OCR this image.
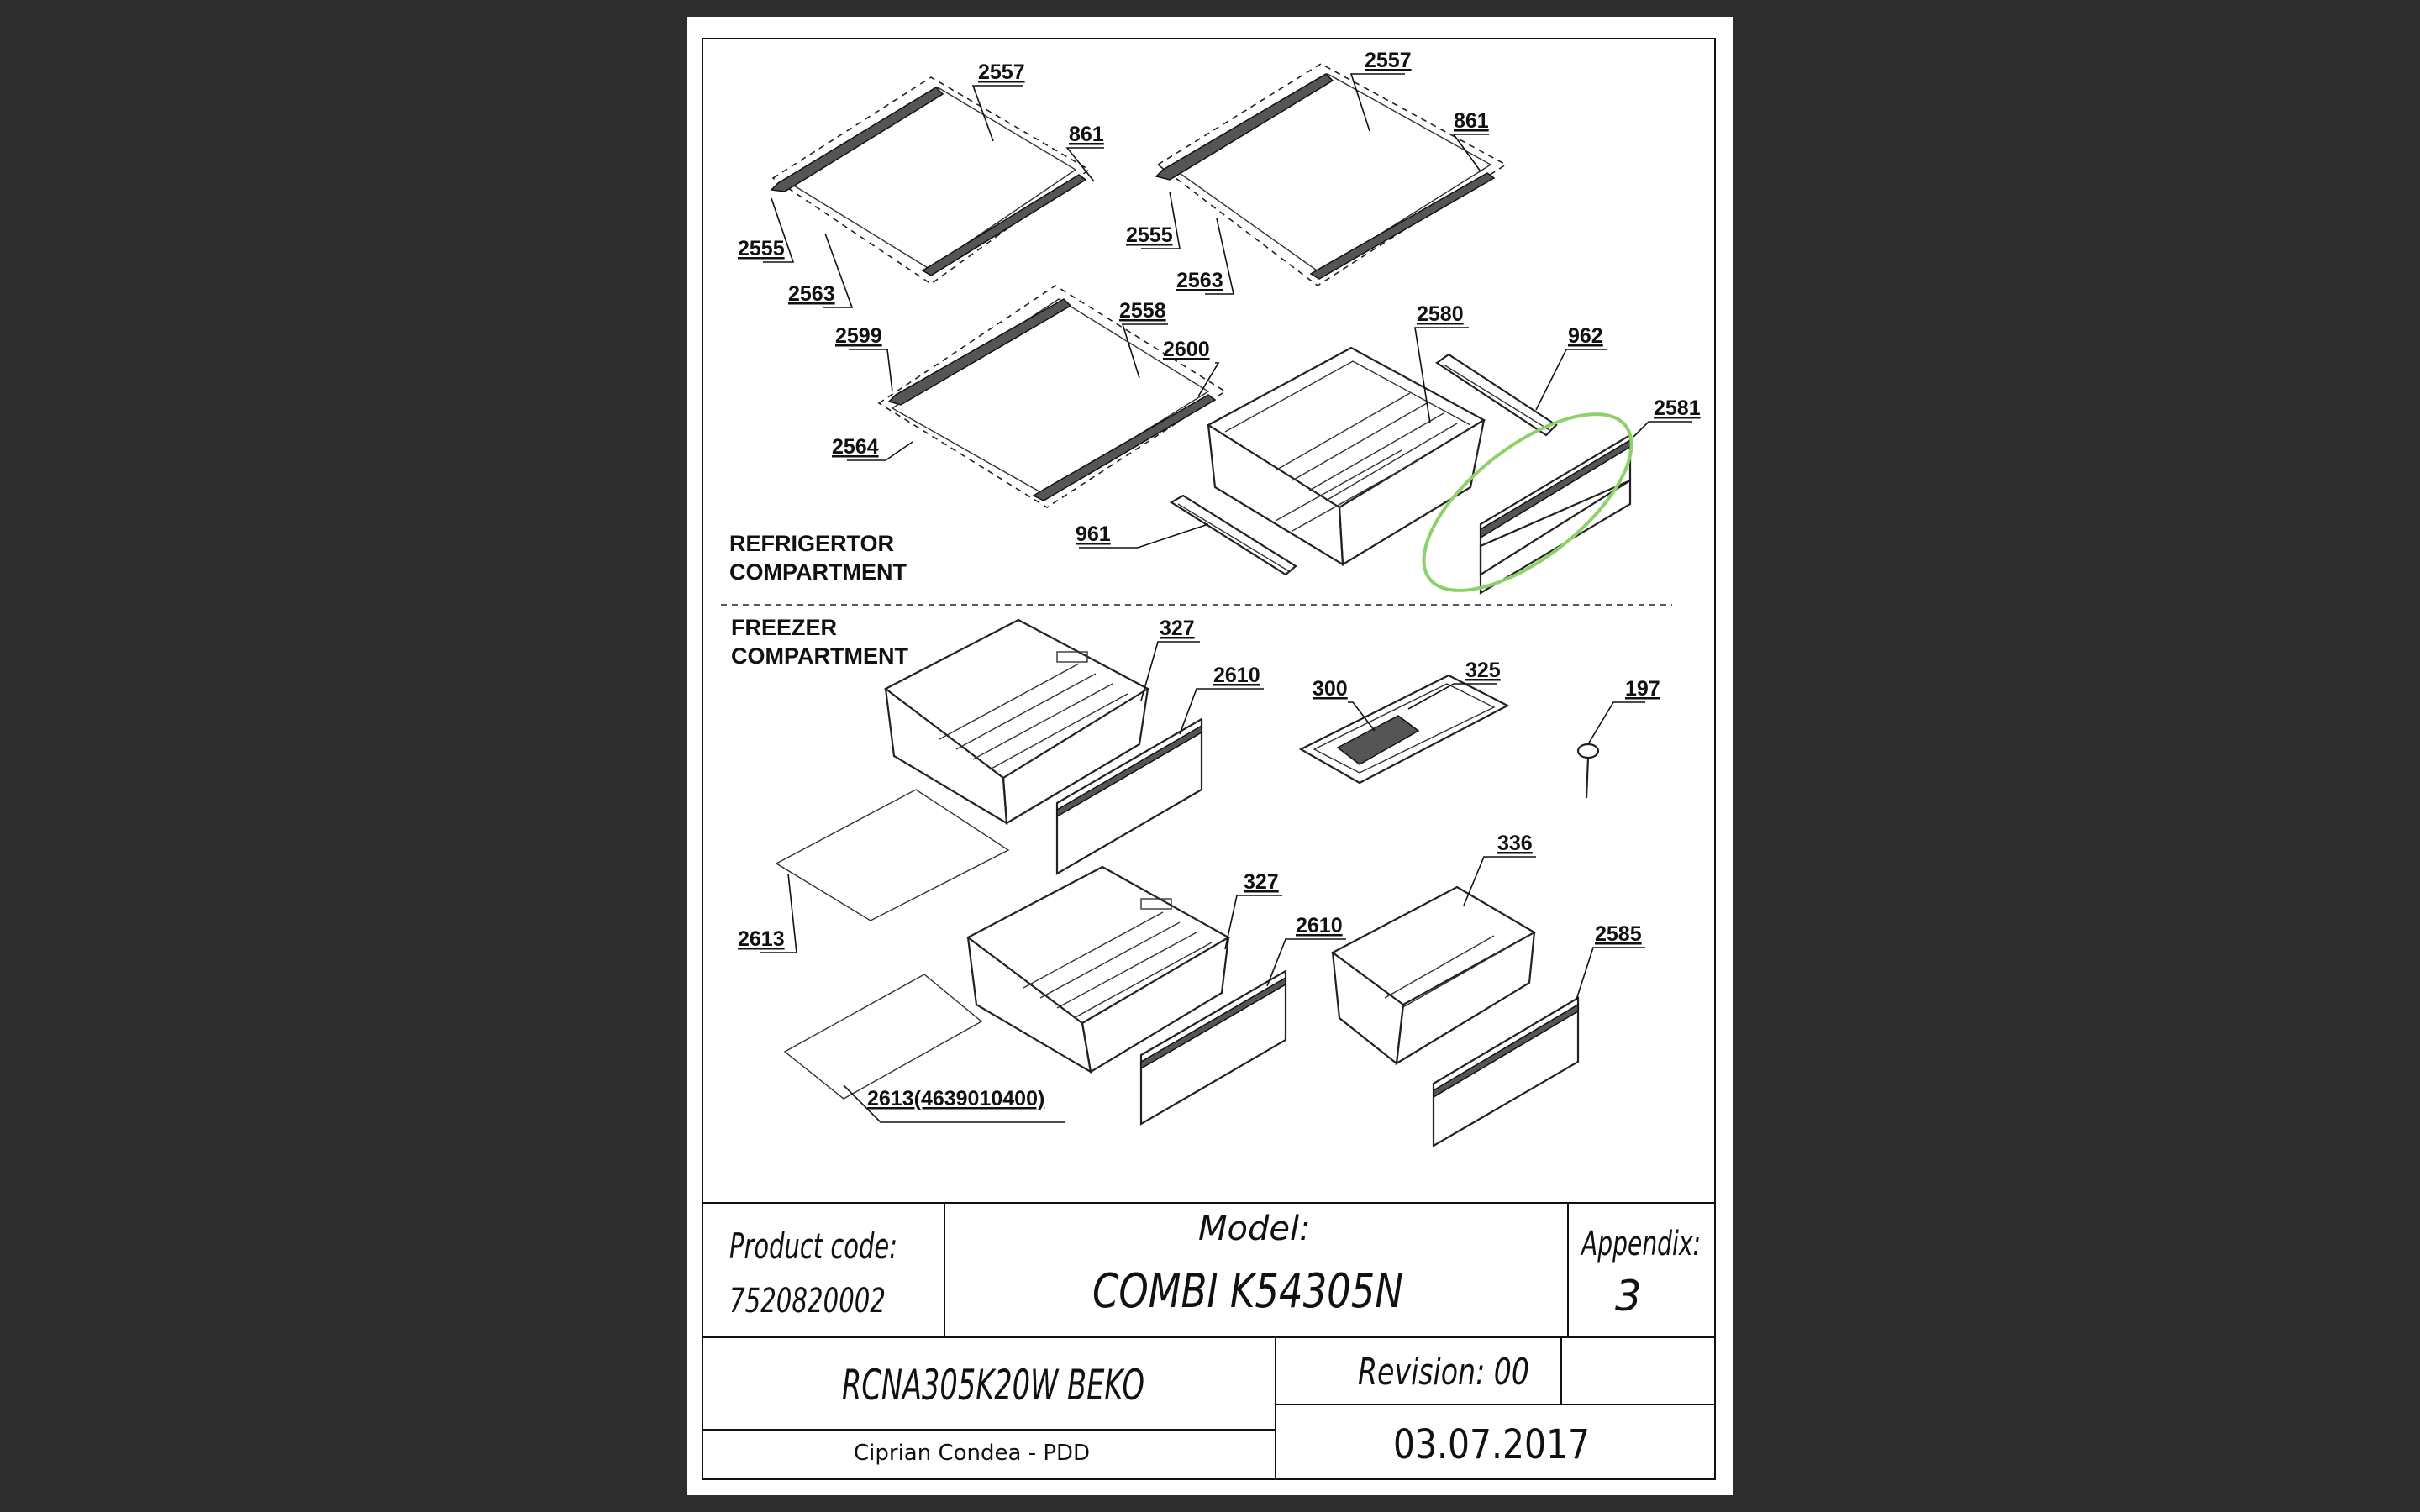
2557
861
2555
2563
2557
861
2555
2563
2599
2558
2600
2564
2580
962
2581
961
327
2610
300
325
197
2613
327
2610
336
2585
2613(4639010400)
REFRIGERTOR
COMPARTMENT
FREEZER
COMPARTMENT
Product code:
7520820002
Model:
COMBI K54305N
Appendix:
3
RCNA305K20W BEKO	Revision: 00
Ciprian Condea - PDD	03.07.2017
